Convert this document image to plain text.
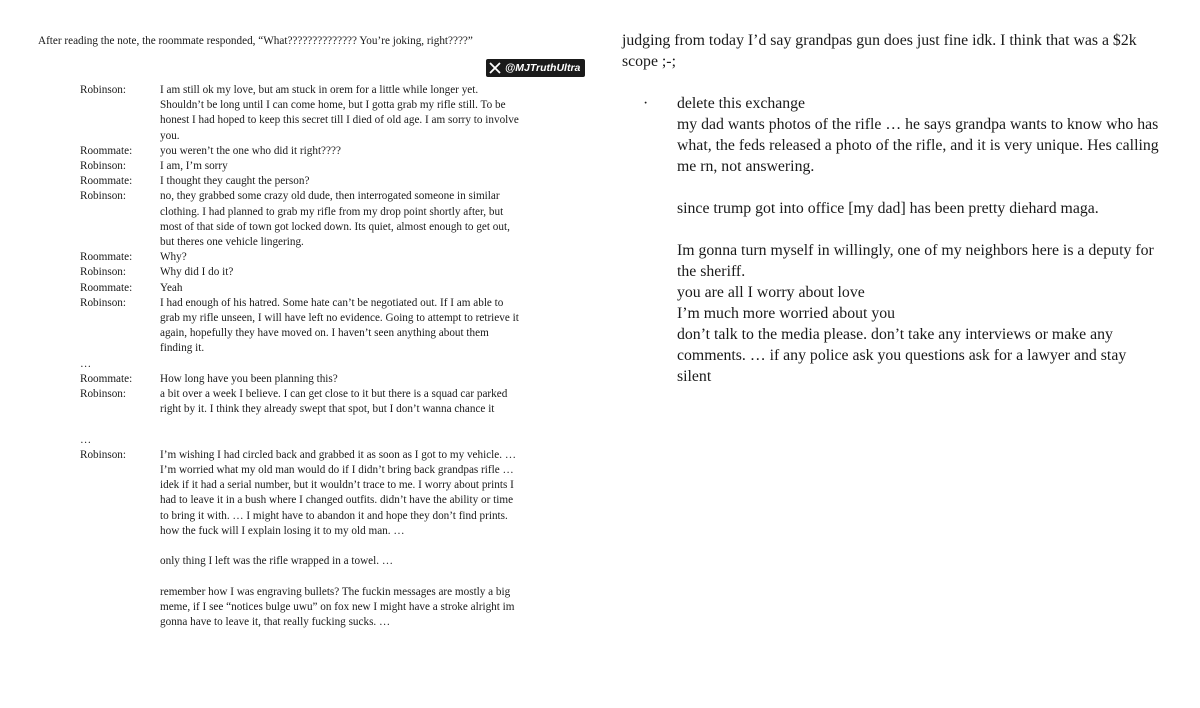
After reading the note, the roommate responded, “What?????????????? You’re joking, right????”
@MJTruthUltra
Robinson:	I am still ok my love, but am stuck in orem for a little while longer yet. Shouldn’t be long until I can come home, but I gotta grab my rifle still. To be honest I had hoped to keep this secret till I died of old age. I am sorry to involve you.
Roommate:	you weren’t the one who did it right????
Robinson:	I am, I’m sorry
Roommate:	I thought they caught the person?
Robinson:	no, they grabbed some crazy old dude, then interrogated someone in similar clothing. I had planned to grab my rifle from my drop point shortly after, but most of that side of town got locked down. Its quiet, almost enough to get out, but theres one vehicle lingering.
Roommate:	Why?
Robinson:	Why did I do it?
Roommate:	Yeah
Robinson:	I had enough of his hatred. Some hate can’t be negotiated out. If I am able to grab my rifle unseen, I will have left no evidence. Going to attempt to retrieve it again, hopefully they have moved on. I haven’t seen anything about them finding it.
…
Roommate:	How long have you been planning this?
Robinson:	a bit over a week I believe. I can get close to it but there is a squad car parked right by it. I think they already swept that spot, but I don’t wanna chance it
…
Robinson:	I’m wishing I had circled back and grabbed it as soon as I got to my vehicle. … I’m worried what my old man would do if I didn’t bring back grandpas rifle … idek if it had a serial number, but it wouldn’t trace to me. I worry about prints I had to leave it in a bush where I changed outfits. didn’t have the ability or time to bring it with. … I might have to abandon it and hope they don’t find prints. how the fuck will I explain losing it to my old man. …
only thing I left was the rifle wrapped in a towel. …
remember how I was engraving bullets? The fuckin messages are mostly a big meme, if I see “notices bulge uwu” on fox new I might have a stroke alright im gonna have to leave it, that really fucking sucks. …

judging from today I’d say grandpas gun does just fine idk. I think that was a $2k scope ;-;

· delete this exchange
my dad wants photos of the rifle … he says grandpa wants to know who has what, the feds released a photo of the rifle, and it is very unique. Hes calling me rn, not answering.
since trump got into office [my dad] has been pretty diehard maga.
Im gonna turn myself in willingly, one of my neighbors here is a deputy for the sheriff.
you are all I worry about love
I’m much more worried about you
don’t talk to the media please. don’t take any interviews or make any comments. … if any police ask you questions ask for a lawyer and stay silent
